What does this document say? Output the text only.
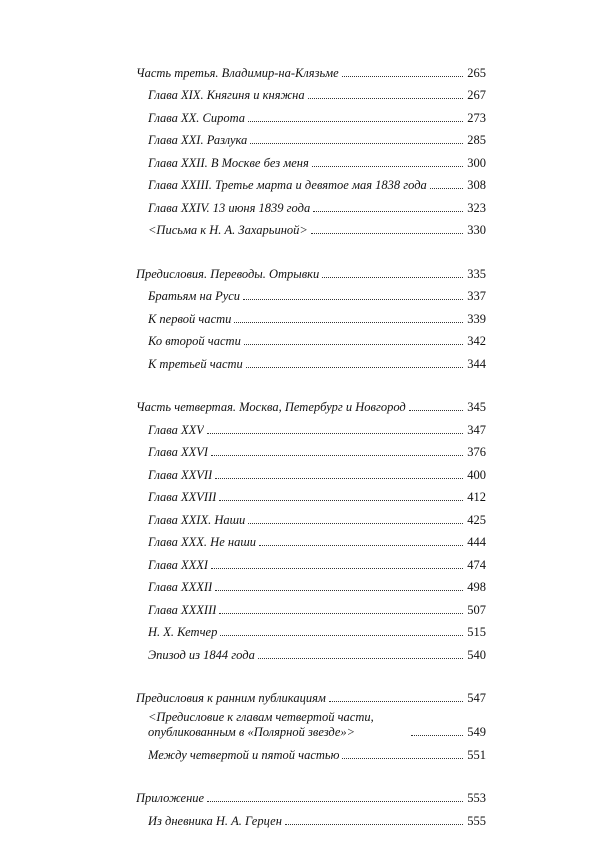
Часть третья. Владимир-на-Клязьме	265
Глава XIX. Княгиня и княжна	267
Глава XX. Сирота	273
Глава XXI. Разлука	285
Глава XXII. В Москве без меня	300
Глава XXIII. Третье марта и девятое мая 1838 года	308
Глава XXIV. 13 июня 1839 года	323
<Письма к Н. А. Захарьиной>	330
Предисловия. Переводы. Отрывки	335
Братьям на Руси	337
К первой части	339
Ко второй части	342
К третьей части	344
Часть четвертая. Москва, Петербург и Новгород	345
Глава XXV	347
Глава XXVI	376
Глава XXVII	400
Глава XXVIII	412
Глава XXIX. Наши	425
Глава XXX. Не наши	444
Глава XXXI	474
Глава XXXII	498
Глава XXXIII	507
Н. Х. Кетчер	515
Эпизод из 1844 года	540
Предисловия к ранним публикациям	547
<Предисловие к главам четвертой части, опубликованным в «Полярной звезде»>	549
Между четвертой и пятой частью	551
Приложение	553
Из дневника Н. А. Герцен	555
